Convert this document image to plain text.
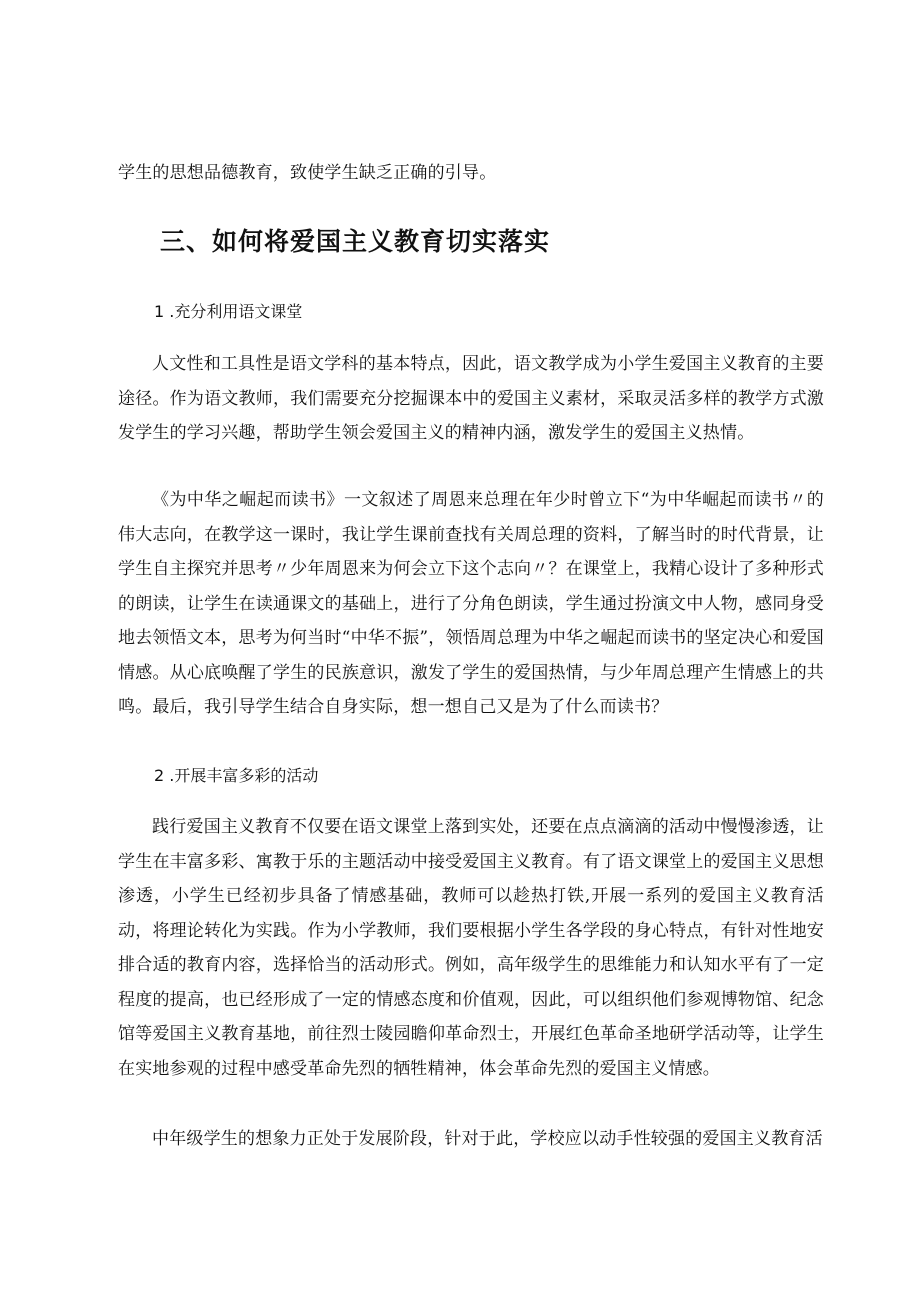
学生的思想品德教育，致使学生缺乏正确的引导。

三、如何将爱国主义教育切实落实

1 .充分利用语文课堂

人文性和工具性是语文学科的基本特点，因此，语文教学成为小学生爱国主义教育的主要途径。作为语文教师，我们需要充分挖掘课本中的爱国主义素材，采取灵活多样的教学方式激发学生的学习兴趣，帮助学生领会爱国主义的精神内涵，激发学生的爱国主义热情。

《为中华之崛起而读书》一文叙述了周恩来总理在年少时曾立下“为中华崛起而读书〃的伟大志向，在教学这一课时，我让学生课前查找有关周总理的资料，了解当时的时代背景，让学生自主探究并思考〃少年周恩来为何会立下这个志向〃？在课堂上，我精心设计了多种形式的朗读，让学生在读通课文的基础上，进行了分角色朗读，学生通过扮演文中人物，感同身受地去领悟文本，思考为何当时“中华不振”，领悟周总理为中华之崛起而读书的坚定决心和爱国情感。从心底唤醒了学生的民族意识，激发了学生的爱国热情，与少年周总理产生情感上的共鸣。最后，我引导学生结合自身实际，想一想自己又是为了什么而读书？

2 .开展丰富多彩的活动

践行爱国主义教育不仅要在语文课堂上落到实处，还要在点点滴滴的活动中慢慢渗透，让学生在丰富多彩、寓教于乐的主题活动中接受爱国主义教育。有了语文课堂上的爱国主义思想渗透，小学生已经初步具备了情感基础，教师可以趁热打铁,开展一系列的爱国主义教育活动，将理论转化为实践。作为小学教师，我们要根据小学生各学段的身心特点，有针对性地安排合适的教育内容，选择恰当的活动形式。例如，高年级学生的思维能力和认知水平有了一定程度的提高，也已经形成了一定的情感态度和价值观，因此，可以组织他们参观博物馆、纪念馆等爱国主义教育基地，前往烈士陵园瞻仰革命烈士，开展红色革命圣地研学活动等，让学生在实地参观的过程中感受革命先烈的牺牲精神，体会革命先烈的爱国主义情感。

中年级学生的想象力正处于发展阶段，针对于此，学校应以动手性较强的爱国主义教育活
